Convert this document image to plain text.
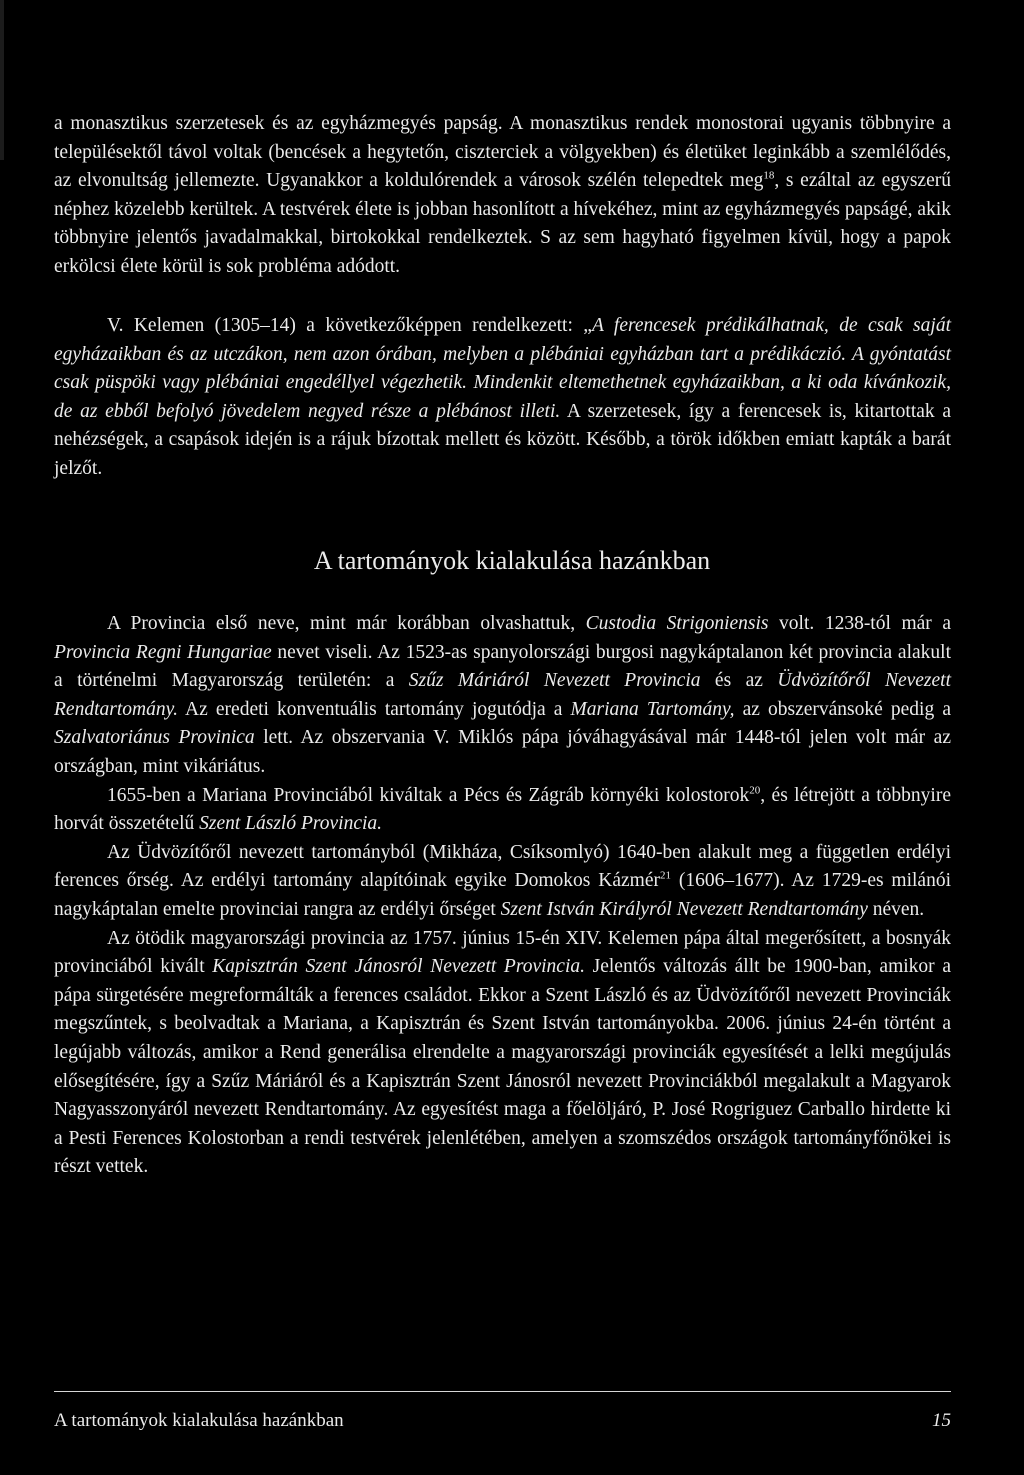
a monasztikus szerzetesek és az egyházmegyés papság. A monasztikus rendek monostorai ugyanis többnyire a településektől távol voltak (bencések a hegytetőn, ciszterciek a völgyekben) és életüket leginkább a szemlélődés, az elvonultság jellemezte. Ugyanakkor a koldulórendek a városok szélén telepedtek meg$^{18}$, s ezáltal az egyszerű néphez közelebb kerültek. A testvérek élete is jobban hasonlított a hívekéhez, mint az egyházmegyés papságé, akik többnyire jelentős javadalmakkal, birtokokkal rendelkeztek. S az sem hagyható figyelmen kívül, hogy a papok erkölcsi élete körül is sok probléma adódott.

V. Kelemen (1305–14) a következőképpen rendelkezett: „A ferencesek prédikálhatnak, de csak saját egyházaikban és az utczákon, nem azon órában, melyben a plébániai egyházban tart a prédikáczió. A gyóntatást csak püspöki vagy plébániai engedéllyel végezhetik. Mindenkit eltemethetnek egyházaikban, a ki oda kívánkozik, de az ebből befolyó jövedelem negyed része a plébánost illeti. A szerzetesek, így a ferencesek is, kitartottak a nehézségek, a csapások idején is a rájuk bízottak mellett és között. Később, a török időkben emiatt kapták a barát jelzőt.

A tartományok kialakulása hazánkban

A Provincia első neve, mint már korábban olvashattuk, Custodia Strigoniensis volt. 1238-tól már a Provincia Regni Hungariae nevet viseli. Az 1523-as spanyolországi burgosi nagykáptalanon két provincia alakult a történelmi Magyarország területén: a Szűz Máriáról Nevezett Provincia és az Üdvözítőről Nevezett Rendtartomány. Az eredeti konventuális tartomány jogutódja a Mariana Tartomány, az obszervánsoké pedig a Szalvatoriánus Provinica lett. Az obszervania V. Miklós pápa jóváhagyásával már 1448-tól jelen volt már az országban, mint vikáriátus.

1655-ben a Mariana Provinciából kiváltak a Pécs és Zágráb környéki kolostorok$^{20}$, és létrejött a többnyire horvát összetételű Szent László Provincia.

Az Üdvözítőről nevezett tartományból (Mikháza, Csíksomlyó) 1640-ben alakult meg a független erdélyi ferences őrség. Az erdélyi tartomány alapítóinak egyike Domokos Kázmér$^{21}$ (1606–1677). Az 1729-es milánói nagykáptalan emelte provinciai rangra az erdélyi őrséget Szent István Királyról Nevezett Rendtartomány néven.

Az ötödik magyarországi provincia az 1757. június 15-én XIV. Kelemen pápa által megerősített, a bosnyák provinciából kivált Kapisztrán Szent Jánosról Nevezett Provincia. Jelentős változás állt be 1900-ban, amikor a pápa sürgetésére megreformálták a ferences családot. Ekkor a Szent László és az Üdvözítőről nevezett Provinciák megszűntek, s beolvadtak a Mariana, a Kapisztrán és Szent István tartományokba. 2006. június 24-én történt a legújabb változás, amikor a Rend generálisa elrendelte a magyarországi provinciák egyesítését a lelki megújulás elősegítésére, így a Szűz Máriáról és a Kapisztrán Szent Jánosról nevezett Provinciákból megalakult a Magyarok Nagyasszonyáról nevezett Rendtartomány. Az egyesítést maga a főelöljáró, P. José Rogriguez Carballo hirdette ki a Pesti Ferences Kolostorban a rendi testvérek jelenlétében, amelyen a szomszédos országok tartományfőnökei is részt vettek.

A tartományok kialakulása hazánkban	15
